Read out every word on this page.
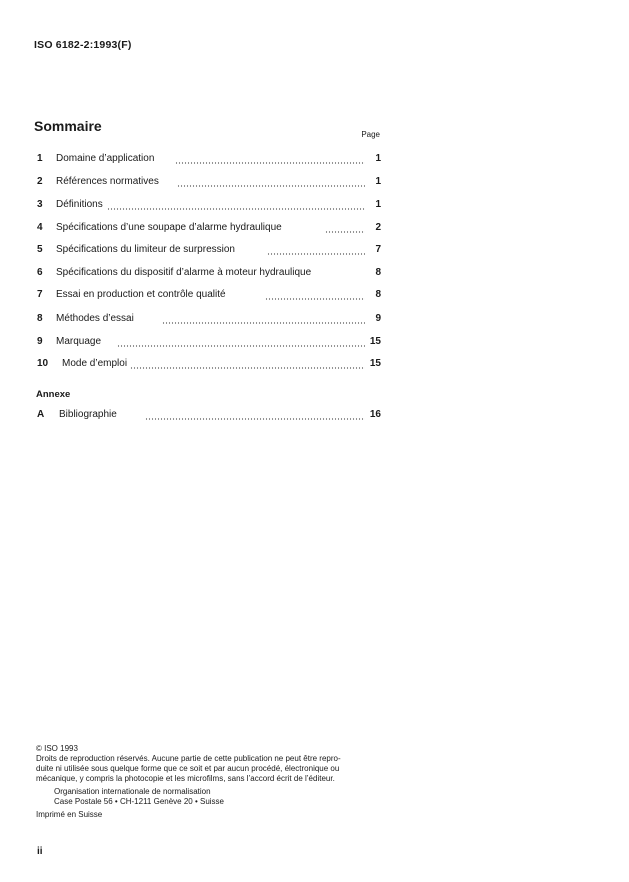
ISO 6182-2:1993(F)
Sommaire
Page
1 Domaine d’application	1
2 Références normatives	1
3 Définitions	1
4 Spécifications d’une soupape d’alarme hydraulique	2
5 Spécifications du limiteur de surpression	7
6 Spécifications du dispositif d’alarme à moteur hydraulique	8
7 Essai en production et contrôle qualité	8
8 Méthodes d’essai	9
9 Marquage	15
10 Mode d’emploi	15
Annexe
A Bibliographie	16
© ISO 1993
Droits de reproduction réservés. Aucune partie de cette publication ne peut être repro-
duite ni utilisée sous quelque forme que ce soit et par aucun procédé, électronique ou
mécanique, y compris la photocopie et les microfilms, sans l’accord écrit de l’éditeur.
Organisation internationale de normalisation
Case Postale 56 • CH-1211 Genève 20 • Suisse
Imprimé en Suisse
ii
